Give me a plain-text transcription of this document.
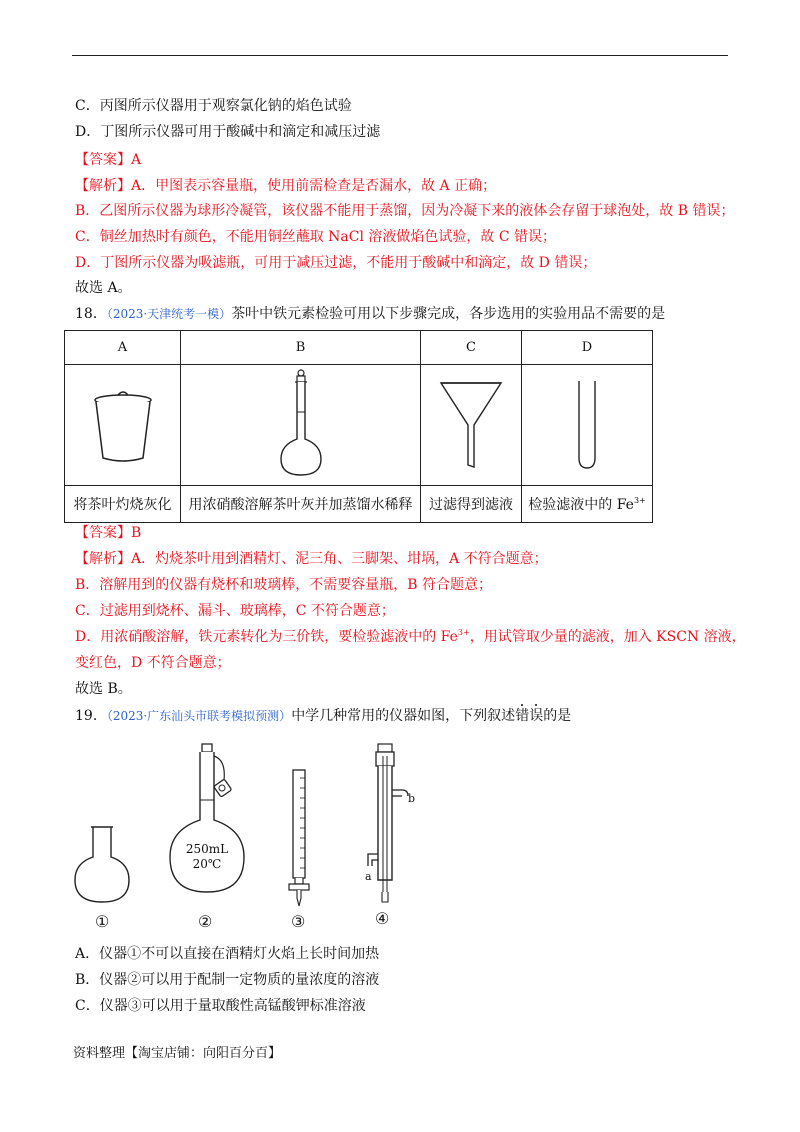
C．丙图所示仪器用于观察氯化钠的焰色试验
D．丁图所示仪器可用于酸碱中和滴定和减压过滤
【答案】A
【解析】A．甲图表示容量瓶，使用前需检查是否漏水，故 A 正确；
B．乙图所示仪器为球形冷凝管，该仪器不能用于蒸馏，因为冷凝下来的液体会存留于球泡处，故 B 错误；
C．铜丝加热时有颜色，不能用铜丝蘸取 NaCl 溶液做焰色试验，故 C 错误；
D．丁图所示仪器为吸滤瓶，可用于减压过滤，不能用于酸碱中和滴定，故 D 错误；
故选 A。
18．（2023·天津统考一模）茶叶中铁元素检验可用以下步骤完成，各步选用的实验用品不需要的是
A	B	C	D

将茶叶灼烧灰化	用浓硝酸溶解茶叶灰并加蒸馏水稀释	过滤得到滤液	检验滤液中的 $Fe^{3+}$
【答案】B
【解析】A．灼烧茶叶用到酒精灯、泥三角、三脚架、坩埚，A 不符合题意；
B．溶解用到的仪器有烧杯和玻璃棒，不需要容量瓶，B 符合题意；
C．过滤用到烧杯、漏斗、玻璃棒，C 不符合题意；
D．用浓硝酸溶解，铁元素转化为三价铁，要检验滤液中的 $Fe^{3+}$，用试管取少量的滤液，加入 KSCN 溶液，
变红色，D 不符合题意；
故选 B。
19．（2023·广东汕头市联考模拟预测）中学几种常用的仪器如图，下列叙述错误的是
250mL
20℃
b
a
①	②	③	④
A．仪器①不可以直接在酒精灯火焰上长时间加热
B．仪器②可以用于配制一定物质的量浓度的溶液
C．仪器③可以用于量取酸性高锰酸钾标准溶液
资料整理【淘宝店铺：向阳百分百】
